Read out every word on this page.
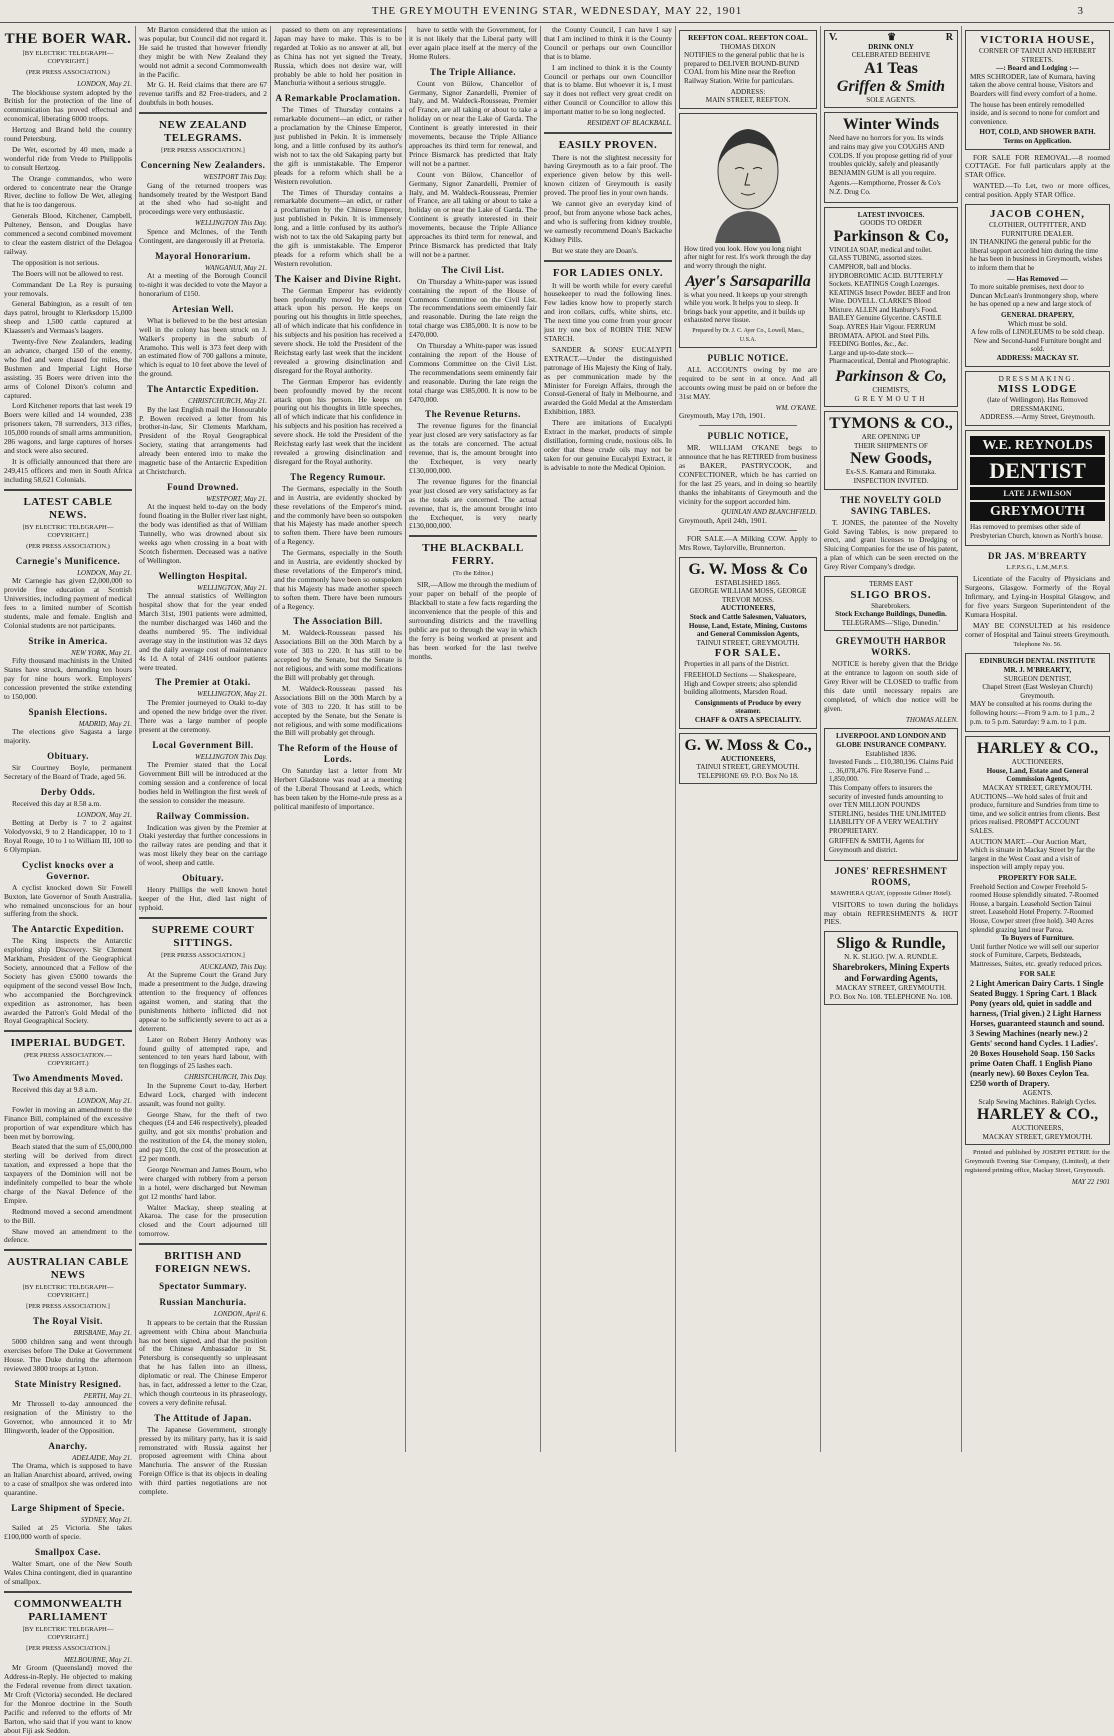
THE GREYMOUTH EVENING STAR, WEDNESDAY, MAY 22, 1901	3
THE BOER WAR.
[BY ELECTRIC TELEGRAPH—COPYRIGHT.]
(PER PRESS ASSOCIATION.)
LONDON, May 21.

The blockhouse system adopted by the British for the protection of the line of communication has proved effectual and economical, liberating 6000 troops.

Hertzog and Brand held the country round Petersburg.

De Wet, escorted by 40 men, made a wonderful ride from Vrede to Philippolis to consult Hertzog.

The Orange commandos, who were ordered to concentrate near the Orange River, decline to follow De Wet, alleging that he is too dangerous.

Generals Blood, Kitchener, Campbell, Pulteney, Benson, and Douglas have commenced a second combined movement to clear the eastern district of the Delagoa railway.

The opposition is not serious.

The Boers will not be allowed to rest.

Commandant De La Rey is pursuing your removals.

General Babington, as a result of ten days patrol, brought to Klerksdorp 15,000 sheep and 1,500 cattle captured at Klaassen's and Vermaas's laagers.

Twenty-five New Zealanders, leading an advance, charged 150 of the enemy, who fled and were chased for miles, the Bushmen and Imperial Light Horse assisting. 35 Boers were driven into the arms of Colonel Dixon's column and captured.

Lord Kitchener reports that last week 19 Boers were killed and 14 wounded, 238 prisoners taken, 78 surrenders, 313 rifles, 105,000 rounds of small arms ammunition, 286 wagons, and large captures of horses and stock were also secured.

It is officially announced that there are 249,415 officers and men in South Africa including 58,621 Colonials.

LATEST CABLE NEWS.
[BY ELECTRIC TELEGRAPH—COPYRIGHT.]
(PER PRESS ASSOCIATION.)
Carnegie's Munificence.
LONDON, May 21.

Mr Carnegie has given £2,000,000 to provide free education at Scottish Universities, including payment of medical fees to a limited number of Scottish students, male and female. English and Colonial students are not participants.

Strike in America.
NEW YORK, May 21.

Fifty thousand machinists in the United States have struck, demanding ten hours pay for nine hours work. Employers' concession prevented the strike extending to 150,000.

Spanish Elections.
MADRID, May 21.

The elections give Sagasta a large majority.

Obituary.

Sir Courtney Boyle, permanent Secretary of the Board of Trade, aged 56.

Derby Odds.

Received this day at 8.58 a.m.

LONDON, May 21.

Betting at Derby is 7 to 2 against Volodyovski, 9 to 2 Handicapper, 10 to 1 Royal Rouge, 10 to 1 to William III, 100 to 6 Olympian.

Cyclist knocks over a Governor.

A cyclist knocked down Sir Fowell Buxton, late Governor of South Australia, who remained unconscious for an hour suffering from the shock.

The Antarctic Expedition.

The King inspects the Antarctic exploring ship Discovery. Sir Clement Markham, President of the Geographical Society, announced that a Fellow of the Society has given £5000 towards the equipment of the second vessel Bow Inch, who accompanied the Borchgrevinck expedition as astronomer, has been awarded the Patron's Gold Medal of the Royal Geographical Society.

IMPERIAL BUDGET.
(PER PRESS ASSOCIATION.—COPYRIGHT.)
Two Amendments Moved.

Received this day at 9.8 a.m.

LONDON, May 21.

Fowler in moving an amendment to the Finance Bill, complained of the excessive proportion of war expenditure which has been met by borrowing.

Beach stated that the sum of £5,000,000 sterling will be derived from direct taxation, and expressed a hope that the taxpayers of the Dominion will not be indefinitely compelled to bear the whole charge of the Naval Defence of the Empire.

Redmond moved a second amendment to the Bill.

Shaw moved an amendment to the defence.

AUSTRALIAN CABLE NEWS
[BY ELECTRIC TELEGRAPH—COPYRIGHT.]
[PER PRESS ASSOCIATION.]
The Royal Visit.
BRISBANE, May 21.

5000 children sang and went through exercises before The Duke at Government House. The Duke during the afternoon reviewed 3800 troops at Lytton.

State Ministry Resigned.
PERTH, May 21.

Mr Throssell to-day announced the resignation of the Ministry to the Governor, who announced it to Mr Illingworth, leader of the Opposition.

Anarchy.
ADELAIDE, May 21.

The Orama, which is supposed to have an Italian Anarchist aboard, arrived, owing to a case of smallpox she was ordered into quarantine.

Large Shipment of Specie.
SYDNEY, May 21.

Sailed at 25 Victoria. She takes £100,000 worth of specie.

Smallpox Case.

Walter Smart, one of the New South Wales China contingent, died in quarantine of smallpox.

COMMONWEALTH PARLIAMENT
[BY ELECTRIC TELEGRAPH—COPYRIGHT.]
[PER PRESS ASSOCIATION.]
MELBOURNE, May 21.

Mr Groom (Queensland) moved the Address-in-Reply. He objected to making the Federal revenue from direct taxation. Mr Croft (Victoria) seconded. He declared for the Monroe doctrine in the South Pacific and referred to the efforts of Mr Barton, who said that if you want to know about Fiji ask Seddon.

Mr Barton considered that the union as was popular, but Council did not regard it. He said he trusted that however friendly they might be with New Zealand they would not admit a second Commonwealth in the Pacific.

Mr G. H. Reid claims that there are 67 revenue tariffs and 82 Free-traders, and 2 doubtfuls in both houses.

NEW ZEALAND TELEGRAMS.
[PER PRESS ASSOCIATION.]
Concerning New Zealanders.
WESTPORT This Day.

Gang of the returned troopers was handsomely treated by the Westport Band at the shed who had so-night and proceedings were very enthusiastic.

WELLINGTON This Day.

Spence and McInnes, of the Tenth Contingent, are dangerously ill at Pretoria.

Mayoral Honorarium.
WANGANUI, May 21.

At a meeting of the Borough Council to-night it was decided to vote the Mayor a honorarium of £150.

Artesian Well.

What is believed to be the best artesian well in the colony has been struck on J. Walker's property in the suburb of Aramoho. This well is 373 feet deep with an estimated flow of 700 gallons a minute, which is equal to 10 feet above the level of the ground.

The Antarctic Expedition.
CHRISTCHURCH, May 21.

By the last English mail the Honourable P. Bowen received a letter from his brother-in-law, Sir Clements Markham, President of the Royal Geographical Society, stating that arrangements had already been entered into to make the magnetic base of the Antarctic Expedition at Christchurch.

Found Drowned.
WESTPORT, May 21.

At the inquest held to-day on the body found floating in the Buller river last night, the body was identified as that of William Tunnelly, who was drowned about six weeks ago when crossing in a boat with Scotch fishermen. Deceased was a native of Wellington.

Wellington Hospital.
WELLINGTON, May 21.

The annual statistics of Wellington hospital show that for the year ended March 31st, 1901 patients were admitted, the number discharged was 1460 and the deaths numbered 95. The individual average stay in the institution was 32 days and the daily average cost of maintenance 4s 1d. A total of 2416 outdoor patients were treated.

The Premier at Otaki.
WELLINGTON, May 21.

The Premier journeyed to Otaki to-day and opened the new bridge over the river. There was a large number of people present at the ceremony.

Local Government Bill.
WELLINGTON This Day.

The Premier stated that the Local Government Bill will be introduced at the coming session and a conference of local bodies held in Wellington the first week of the session to consider the measure.

Railway Commission.

Indication was given by the Premier at Otaki yesterday that further concessions in the railway rates are pending and that it was most likely they bear on the carriage of wool, sheep and cattle.

Obituary.

Henry Phillips the well known hotel keeper of the Hut, died last night of typhoid.

SUPREME COURT SITTINGS.
[PER PRESS ASSOCIATION.]
AUCKLAND, This Day.

At the Supreme Court the Grand Jury made a presentment to the Judge, drawing attention to the frequency of offences against women, and stating that the punishments hitherto inflicted did not appear to be sufficiently severe to act as a deterrent.

Later on Robert Henry Anthony was found guilty of attempted rape, and sentenced to ten years hard labour, with ten floggings of 25 lashes each.

CHRISTCHURCH, This Day.

In the Supreme Court to-day, Herbert Edward Lock, charged with indecent assault, was found not guilty.

George Shaw, for the theft of two cheques (£4 and £46 respectively), pleaded guilty, and got six months' probation and the restitution of the £4, the money stolen, and pay £10, the cost of the prosecution at £2 per month.

George Newman and James Bourn, who were charged with robbery from a person in a hotel, were discharged but Newman got 12 months' hard labor.

Walter Mackay, sheep stealing at Akaroa. The case for the prosecution closed and the Court adjourned till tomorrow.

BRITISH AND FOREIGN NEWS.
Spectator Summary.
Russian Manchuria.
LONDON, April 6.

It appears to be certain that the Russian agreement with China about Manchuria has not been signed, and that the position of the Chinese Ambassador in St. Petersburg is consequently so unpleasant that he has fallen into an illness, diplomatic or real. The Chinese Emperor has, in fact, addressed a letter to the Czar, which though courteous in its phraseology, covers a very definite refusal.

The Attitude of Japan.

The Japanese Government, strongly pressed by its military party, has it is said remonstrated with Russia against her proposed agreement with China about Manchuria. The answer of the Russian Foreign Office is that its objects in dealing with third parties negotiations are not complete.

passed to them on any representations Japan may have to make. This is to be regarded at Tokio as no answer at all, but as China has not yet signed the Treaty, Russia, which does not desire war, will probably be able to hold her position in Manchuria without a serious struggle.

A Remarkable Proclamation.

The Times of Thursday contains a remarkable document—an edict, or rather a proclamation by the Chinese Emperor, just published in Pekin. It is immensely long, and a little confused by its author's wish not to tax the old Sakaping party but the gift is unmistakable. The Emperor pleads for a reform which shall be a Western revolution.

The Times of Thursday contains a remarkable document—an edict, or rather a proclamation by the Chinese Emperor, just published in Pekin. It is immensely long, and a little confused by its author's wish not to tax the old Sakaping party but the gift is unmistakable. The Emperor pleads for a reform which shall be a Western revolution.

The Kaiser and Divine Right.

The German Emperor has evidently been profoundly moved by the recent attack upon his person. He keeps on pouring out his thoughts in little speeches, all of which indicate that his confidence in his subjects and his position has received a severe shock. He told the President of the Reichstag early last week that the incident revealed a growing disinclination and disregard for the Royal authority.

The German Emperor has evidently been profoundly moved by the recent attack upon his person. He keeps on pouring out his thoughts in little speeches, all of which indicate that his confidence in his subjects and his position has received a severe shock. He told the President of the Reichstag early last week that the incident revealed a growing disinclination and disregard for the Royal authority.

The Regency Rumour.

The Germans, especially in the South and in Austria, are evidently shocked by these revelations of the Emperor's mind, and the commonly have been so outspoken that his Majesty has made another speech to soften them. There have been rumours of a Regency.

The Germans, especially in the South and in Austria, are evidently shocked by these revelations of the Emperor's mind, and the commonly have been so outspoken that his Majesty has made another speech to soften them. There have been rumours of a Regency.

The Association Bill.

M. Waldeck-Rousseau passed his Associations Bill on the 30th March by a vote of 303 to 220. It has still to be accepted by the Senate, but the Senate is not religious, and with some modifications the Bill will probably get through.

M. Waldeck-Rousseau passed his Associations Bill on the 30th March by a vote of 303 to 220. It has still to be accepted by the Senate, but the Senate is not religious, and with some modifications the Bill will probably get through.

The Reform of the House of Lords.

On Saturday last a letter from Mr Herbert Gladstone was read at a meeting of the Liberal Thousand at Leeds, which has been taken by the Home-rule press as a political manifesto of importance.

have to settle with the Government, for it is not likely that the Liberal party will ever again place itself at the mercy of the Home Rulers.

The Triple Alliance.

Count von Bülow, Chancellor of Germany, Signor Zanardelli, Premier of Italy, and M. Waldeck-Rousseau, Premier of France, are all taking or about to take a holiday on or near the Lake of Garda. The Continent is greatly interested in their movements, because the Triple Alliance approaches its third term for renewal, and Prince Bismarck has predicted that Italy will not be a partner.

Count von Bülow, Chancellor of Germany, Signor Zanardelli, Premier of Italy, and M. Waldeck-Rousseau, Premier of France, are all taking or about to take a holiday on or near the Lake of Garda. The Continent is greatly interested in their movements, because the Triple Alliance approaches its third term for renewal, and Prince Bismarck has predicted that Italy will not be a partner.

The Civil List.

On Thursday a White-paper was issued containing the report of the House of Commons Committee on the Civil List. The recommendations seem eminently fair and reasonable. During the late reign the total charge was £385,000. It is now to be £470,000.

On Thursday a White-paper was issued containing the report of the House of Commons Committee on the Civil List. The recommendations seem eminently fair and reasonable. During the late reign the total charge was £385,000. It is now to be £470,000.

The Revenue Returns.

The revenue figures for the financial year just closed are very satisfactory as far as the totals are concerned. The actual revenue, that is, the amount brought into the Exchequer, is very nearly £130,000,000.

The revenue figures for the financial year just closed are very satisfactory as far as the totals are concerned. The actual revenue, that is, the amount brought into the Exchequer, is very nearly £130,000,000.

THE BLACKBALL FERRY.
(To the Editor.)

SIR,—Allow me through the medium of your paper on behalf of the people of Blackball to state a few facts regarding the inconvenience that the people of this and surrounding districts and the travelling public are put to through the way in which the ferry is being worked at present and has been worked for the last twelve months.

the County Council, I can have I say that I am inclined to think it is the County Council or perhaps our own Councillor that is to blame.

I am inclined to think it is the County Council or perhaps our own Councillor that is to blame. But whoever it is, I must say it does not reflect very great credit on either Council or Councillor to allow this important matter to be so long neglected.

RESIDENT OF BLACKBALL.
EASILY PROVEN.

There is not the slightest necessity for having Greymouth as to a fair proof. The experience given below by this well-known citizen of Greymouth is easily proved. The proof lies in your own hands.

We cannot give an everyday kind of proof, but from anyone whose back aches, and who is suffering from kidney trouble, we earnestly recommend Doan's Backache Kidney Pills.

But we state they are Doan's.

FOR LADIES ONLY.

It will be worth while for every careful housekeeper to read the following lines. Few ladies know how to properly starch and iron collars, cuffs, white shirts, etc. The next time you come from your grocer just try one box of ROBIN THE NEW STARCH.

SANDER & SONS' EUCALYPTI EXTRACT.—Under the distinguished patronage of His Majesty the King of Italy, as per communication made by the Minister for Foreign Affairs, through the Consul-General of Italy in Melbourne, and awarded the Gold Medal at the Amsterdam Exhibition, 1883.

There are imitations of Eucalypti Extract in the market, products of simple distillation, forming crude, noxious oils. In order that these crude oils may not be taken for our genuine Eucalypti Extract, it is advisable to note the Medical Opinion.

REEFTON COAL. REEFTON COAL.
THOMAS DIXON

NOTIFIES to the general public that he is prepared to DELIVER BOUND-BUND COAL from his Mine near the Reefton Railway Station. Write for particulars.

ADDRESS:
MAIN STREET, REEFTON.

How tired you look. How you long night after night for rest. It's work through the day and worry through the night.

Ayer's Sarsaparilla

is what you need. It keeps up your strength while you work. It helps you to sleep. It brings back your appetite, and it builds up exhausted nerve tissue.

Prepared by Dr. J. C. Ayer Co., Lowell, Mass., U.S.A.
PUBLIC NOTICE.

ALL ACCOUNTS owing by me are required to be sent in at once. And all accounts owing must be paid on or before the 31st MAY.

WM. O'KANE.
Greymouth, May 17th, 1901.
PUBLIC NOTICE,

MR. WILLIAM O'KANE begs to announce that he has RETIRED from business as BAKER, PASTRYCOOK, and CONFECTIONER, which he has carried on for the last 25 years, and in doing so heartily thanks the inhabitants of Greymouth and the vicinity for the support accorded him.

QUINLAN AND BLANCHFIELD.
Greymouth, April 24th, 1901.

FOR SALE.—A Milking COW. Apply to Mrs Rowe, Taylorville, Brunnerton.

G. W. Moss & Co
ESTABLISHED 1865.
GEORGE WILLIAM MOSS, GEORGE TREVOR MOSS.
AUCTIONEERS,
Stock and Cattle Salesmen, Valuators, House, Land, Estate, Mining, Customs and General Commission Agents,
TAINUI STREET, GREYMOUTH.
FOR SALE.

Properties in all parts of the District.

FREEHOLD Sections — Shakespeare, High and Cowper streets; also splendid building allotments, Marsden Road.

Consignments of Produce by every steamer.
CHAFF & OATS A SPECIALITY.
G. W. Moss & Co.,
AUCTIONEERS,
TAINUI STREET, GREYMOUTH.
TELEPHONE 69. P.O. Box No 18.
V.	♛	R
DRINK ONLY
CELEBRATED BEEHIVE
A1 Teas
Griffen & Smith
SOLE AGENTS.
Winter Winds

Need have no horrors for you. Its winds and rains may give you COUGHS AND COLDS. If you propose getting rid of your troubles quickly, safely and pleasantly BENJAMIN GUM is all you require.

Agents.—Kempthorne, Prosser & Co's N.Z. Drug Co.

LATEST INVOICES.
GOODS TO ORDER
Parkinson & Co,
VINOLIA SOAP, medical and toilet. GLASS TUBING, assorted sizes. CAMPHOR, ball and blocks. HYDROBROMIC ACID. BUTTERFLY Sockets. KEATINGS Cough Lozenges. KEATINGS Insect Powder. BEEF and Iron Wine. DOVELL. CLARKE'S Blood Mixture. ALLEN and Hanbury's Food. BAILEY Genuine Glycerine. CASTILE Soap. AYRES Hair Vigour. FERRUM BROMATA. APIOL and Steel Pills. FEEDING Bottles, &c., &c.

Large and up-to-date stock—Pharmaceutical, Dental and Photographic.

Parkinson & Co,
CHEMISTS,
GREYMOUTH
TYMONS & CO.,
ARE OPENING UP
THEIR SHIPMENTS OF
New Goods,
Ex-S.S. Kamara and Rimutaka.
INSPECTION INVITED.
THE NOVELTY GOLD SAVING TABLES.

T. JONES, the patentee of the Novelty Gold Saving Tables, is now prepared to erect, and grant licenses to Dredging or Sluicing Companies for the use of his patent, a plan of which can be seen erected on the Grey River Company's dredge.

TERMS EAST
SLIGO BROS.
Sharebrokers.
Stock Exchange Buildings, Dunedin.
TELEGRAMS—'Sligo, Dunedin.'
GREYMOUTH HARBOR WORKS.

NOTICE is hereby given that the Bridge at the entrance to lagoon on south side of Grey River will be CLOSED to traffic from this date until necessary repairs are completed, of which due notice will be given.

THOMAS ALLEN.
LIVERPOOL AND LONDON AND GLOBE INSURANCE COMPANY.
Established 1836.
Invested Funds ... £10,380,196. Claims Paid ... 36,078,476. Fire Reserve Fund ... 1,850,000.

This Company offers to insurers the security of invested funds amounting to over TEN MILLION POUNDS STERLING, besides THE UNLIMITED LIABILITY OF A VERY WEALTHY PROPRIETARY.

GRIFFEN & SMITH, Agents for Greymouth and district.

JONES' REFRESHMENT ROOMS,
MAWHERA QUAY, (opposite Gilmer Hotel).

VISITORS to town during the holidays may obtain REFRESHMENTS & HOT PIES.

Sligo & Rundle,
N. K. SLIGO. [W. A. RUNDLE.
Sharebrokers, Mining Experts and Forwarding Agents,
MACKAY STREET, GREYMOUTH.
P.O. Box No. 108. TELEPHONE No. 108.
VICTORIA HOUSE,
CORNER OF TAINUI AND HERBERT STREETS.
—: Board and Lodging :—

MRS SCHRODER, late of Kumara, having taken the above central house, Visitors and Boarders will find every comfort of a home.

The house has been entirely remodelled inside, and is second to none for comfort and convenience.

HOT, COLD, AND SHOWER BATH. Terms on Application.

FOR SALE FOR REMOVAL.—8 roomed COTTAGE. For full particulars apply at the STAR Office.

WANTED.—To Let, two or more offices, central position. Apply STAR Office.

JACOB COHEN,
CLOTHIER, OUTFITTER, AND FURNITURE DEALER.

IN THANKING the general public for the liberal support accorded him during the time he has been in business in Greymouth, wishes to inform them that he

— Has Removed —

To more suitable premises, next door to Duncan McLean's Ironmongery shop, where he has opened up a new and large stock of

GENERAL DRAPERY,
Which must be sold.
A few rolls of LINOLEUMS to be sold cheap.
New and Second-hand Furniture bought and sold.
ADDRESS: MACKAY ST.
DRESSMAKING.
MISS LODGE
(late of Wellington). Has Removed DRESSMAKING.
ADDRESS.—Army Street, Greymouth.
W.E. REYNOLDS
DENTIST
LATE J.F.WILSON
GREYMOUTH

Has removed to premises other side of Presbyterian Church, known as North's house.

DR JAS. M'BREARTY
L.F.P.S.G., L.M.,M.F.S.

Licentiate of the Faculty of Physicians and Surgeons, Glasgow. Formerly of the Royal Infirmary, and Lying-in Hospital Glasgow, and for five years Surgeon Superintendent of the Kumara Hospital.

MAY BE CONSULTED at his residence corner of Hospital and Tainui streets Greymouth.

Telephone No. 56.
EDINBURGH DENTAL INSTITUTE
MR. J. M'BREARTY,
SURGEON DENTIST,
Chapel Street (East Wesleyan Church) Greymouth.

MAY be consulted at his rooms during the following hours:—From 9 a.m. to 1 p.m., 2 p.m. to 5 p.m. Saturday: 9 a.m. to 1 p.m.

HARLEY & CO.,
AUCTIONEERS,
House, Land, Estate and General Commission Agents,
MACKAY STREET, GREYMOUTH.

AUCTIONS—We hold sales of fruit and produce, furniture and Sundries from time to time, and we solicit entries from clients. Best prices realised. PROMPT ACCOUNT SALES.

AUCTION MART.—Our Auction Mart, which is situate in Mackay Street by far the largest in the West Coast and a visit of inspection will amply repay you.

PROPERTY FOR SALE.
Freehold Section and Cowper Freehold 5-roomed House splendidly situated. 7-Roomed House, a bargain. Leasehold Section Tainui street. Leasehold Hotel Property. 7-Roomed House, Cowper street (free hold). 340 Acres splendid grazing land near Paroa.
To Buyers of Furniture.

Until further Notice we will sell our superior stock of Furniture, Carpets, Bedsteads, Mattresses, Suites, etc. greatly reduced prices.

FOR SALE
2 Light American Dairy Carts. 1 Single Seated Buggy. 1 Spring Cart. 1 Black Pony (years old, quiet in saddle and harness, (Trial given.) 2 Light Harness Horses, guaranteed staunch and sound. 3 Sewing Machines (nearly new.) 2 Gents' second hand Cycles. 1 Ladies'. 20 Boxes Household Soap. 150 Sacks prime Oaten Chaff. 1 English Piano (nearly new). 60 Boxes Ceylon Tea. £250 worth of Drapery.
AGENTS.
Scalp Sewing Machines. Raleigh Cycles.
HARLEY & CO.,
AUCTIONEERS,
MACKAY STREET, GREYMOUTH.

Printed and published by JOSEPH PETRIE for the Greymouth Evening Star Company, (Limited), at their registered printing office, Mackay Street, Greymouth.

MAY 22 1901
